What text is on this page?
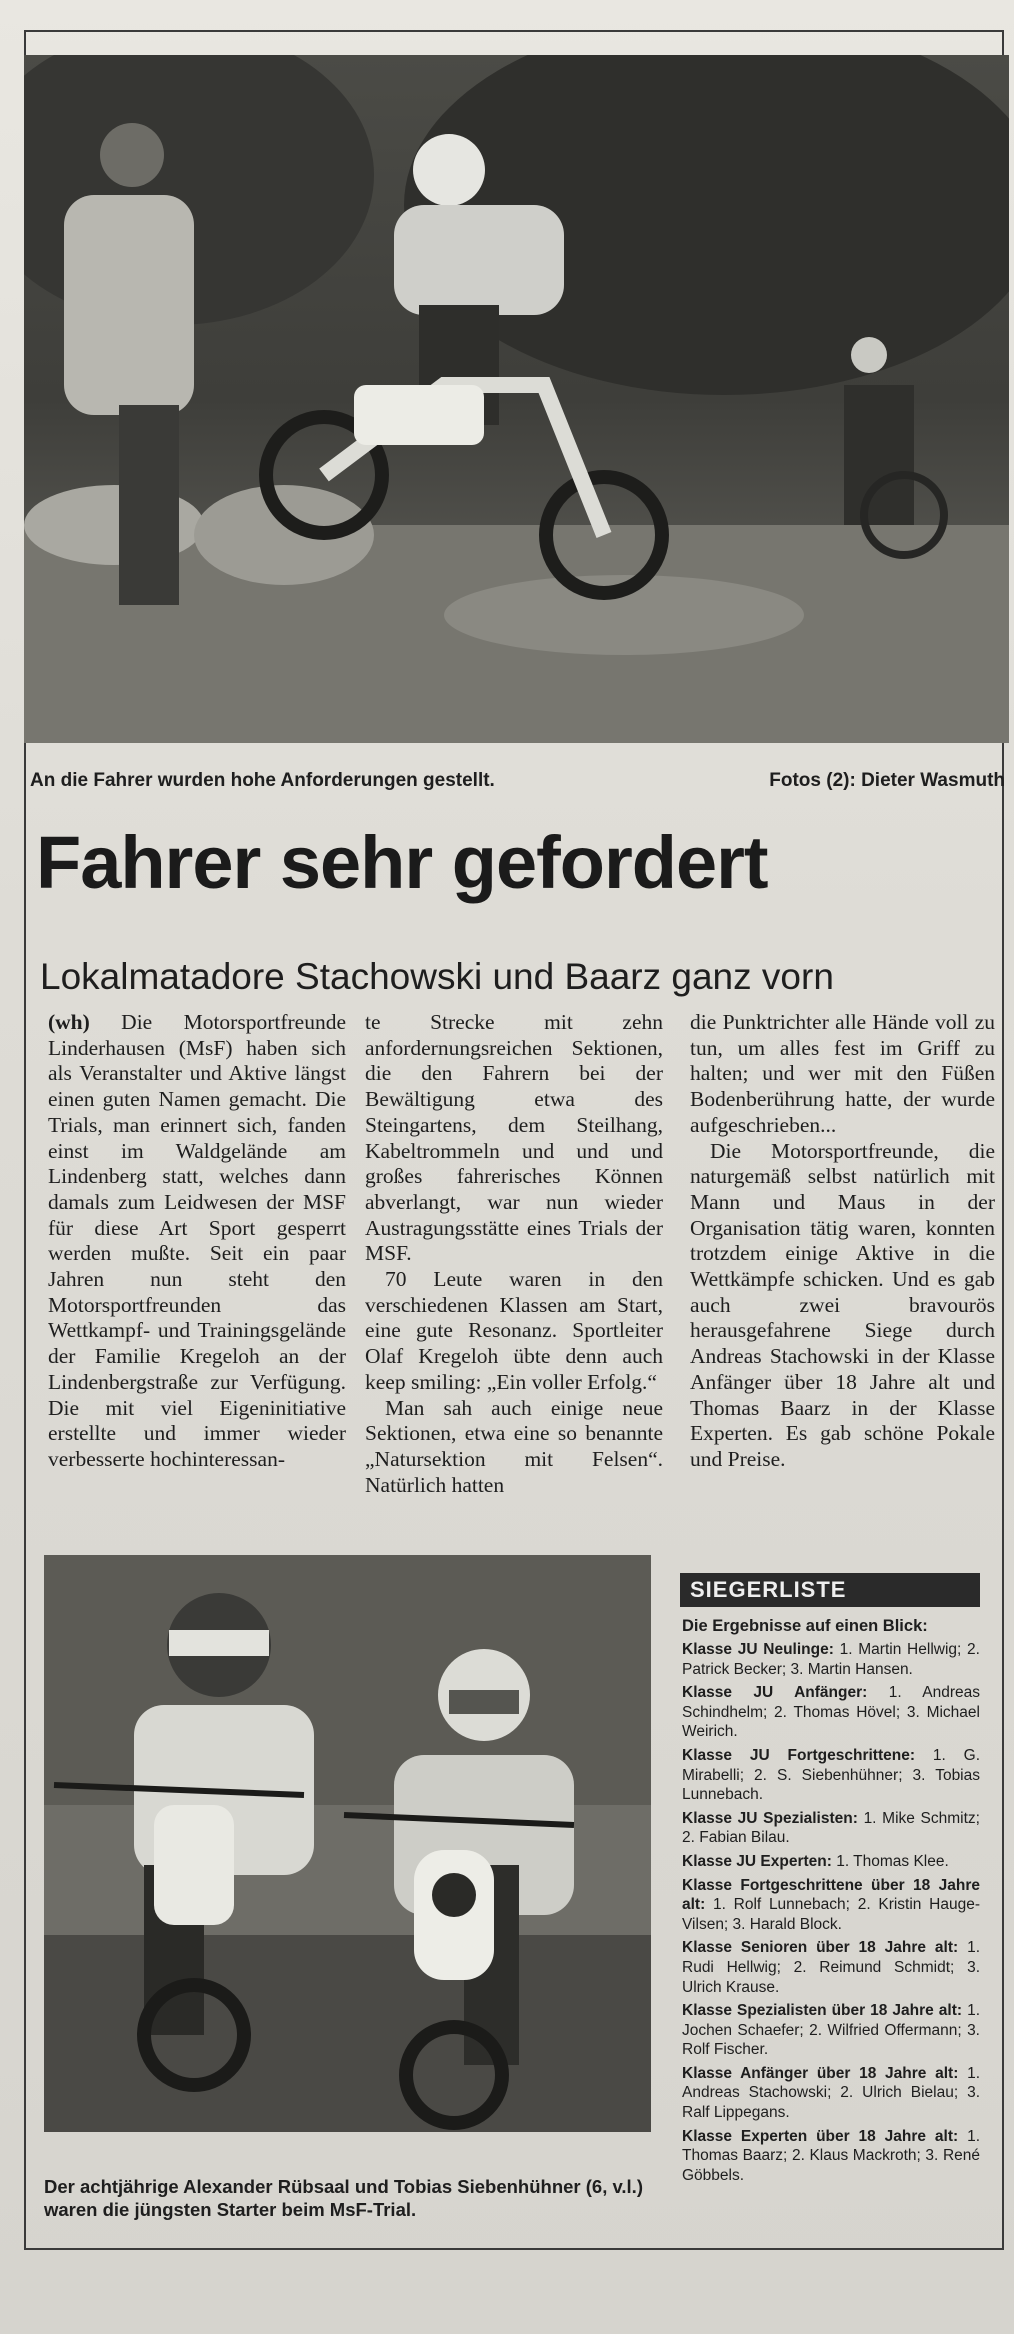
An die Fahrer wurden hohe Anforderungen gestellt.	Fotos (2): Dieter Wasmuth
Fahrer sehr gefordert
Lokalmatadore Stachowski und Baarz ganz vorn

(wh) Die Motorsportfreunde Linderhausen (MsF) haben sich als Veranstalter und Aktive längst einen guten Namen gemacht. Die Trials, man erinnert sich, fanden einst im Waldgelände am Lindenberg statt, welches dann damals zum Leidwesen der MSF für diese Art Sport gesperrt werden mußte. Seit ein paar Jahren nun steht den Motorsportfreunden das Wettkampf- und Trainingsgelände der Familie Kregeloh an der Lindenbergstraße zur Verfügung. Die mit viel Eigeninitiative erstellte und immer wieder verbesserte hochinteressan-

te Strecke mit zehn anfordernungsreichen Sektionen, die den Fahrern bei der Bewältigung etwa des Steingartens, dem Steilhang, Kabeltrommeln und und und großes fahrerisches Können abverlangt, war nun wieder Austragungsstätte eines Trials der MSF.

70 Leute waren in den verschiedenen Klassen am Start, eine gute Resonanz. Sportleiter Olaf Kregeloh übte denn auch keep smiling: „Ein voller Erfolg.“

Man sah auch einige neue Sektionen, etwa eine so benannte „Natursektion mit Felsen“. Natürlich hatten

die Punktrichter alle Hände voll zu tun, um alles fest im Griff zu halten; und wer mit den Füßen Bodenberührung hatte, der wurde aufgeschrieben...

Die Motorsportfreunde, die naturgemäß selbst natürlich mit Mann und Maus in der Organisation tätig waren, konnten trotzdem einige Aktive in die Wettkämpfe schicken. Und es gab auch zwei bravourös herausgefahrene Siege durch Andreas Stachowski in der Klasse Anfänger über 18 Jahre alt und Thomas Baarz in der Klasse Experten. Es gab schöne Pokale und Preise.

Der achtjährige Alexander Rübsaal und Tobias Siebenhühner (6, v.l.) waren die jüngsten Starter beim MsF-Trial.
SIEGERLISTE
Die Ergebnisse auf einen Blick:
Klasse JU Neulinge: 1. Martin Hellwig; 2. Patrick Becker; 3. Martin Hansen.
Klasse JU Anfänger: 1. Andreas Schindhelm; 2. Thomas Hövel; 3. Michael Weirich.
Klasse JU Fortgeschrittene: 1. G. Mirabelli; 2. S. Siebenhühner; 3. Tobias Lunnebach.
Klasse JU Spezialisten: 1. Mike Schmitz; 2. Fabian Bilau.
Klasse JU Experten: 1. Thomas Klee.
Klasse Fortgeschrittene über 18 Jahre alt: 1. Rolf Lunnebach; 2. Kristin Hauge-Vilsen; 3. Harald Block.
Klasse Senioren über 18 Jahre alt: 1. Rudi Hellwig; 2. Reimund Schmidt; 3. Ulrich Krause.
Klasse Spezialisten über 18 Jahre alt: 1. Jochen Schaefer; 2. Wilfried Offermann; 3. Rolf Fischer.
Klasse Anfänger über 18 Jahre alt: 1. Andreas Stachowski; 2. Ulrich Bielau; 3. Ralf Lippegans.
Klasse Experten über 18 Jahre alt: 1. Thomas Baarz; 2. Klaus Mackroth; 3. René Göbbels.
